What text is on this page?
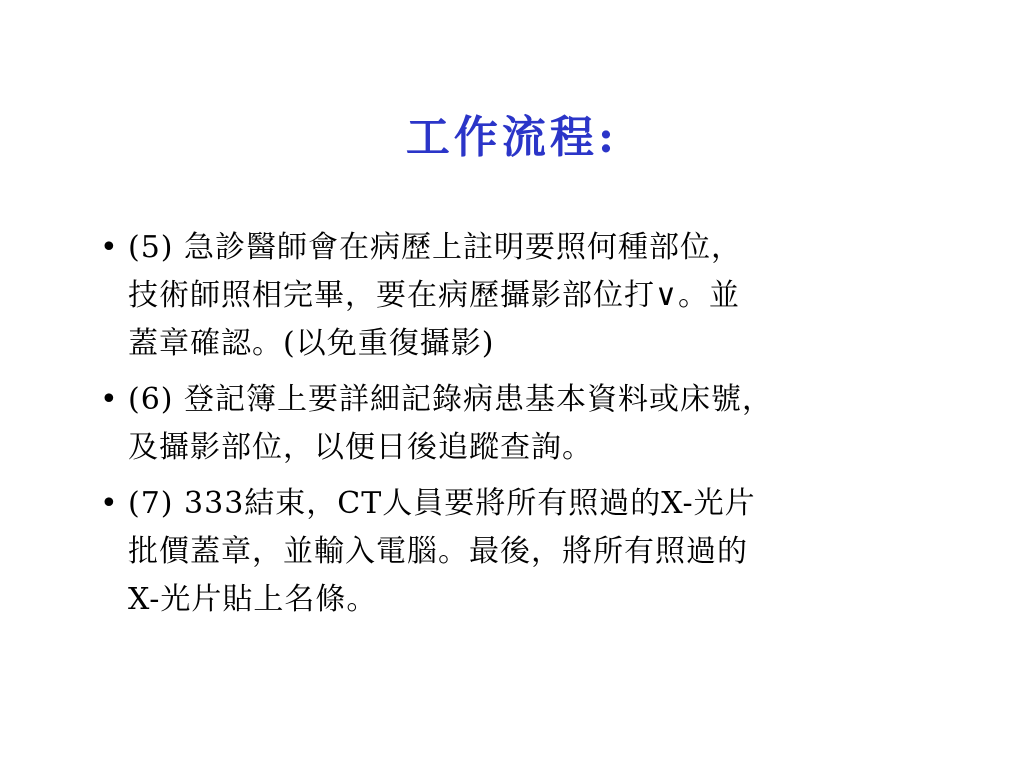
工作流程:
• (5) 急診醫師會在病歷上註明要照何種部位，
技術師照相完畢，要在病歷攝影部位打∨。並
蓋章確認。(以免重復攝影)
• (6) 登記簿上要詳細記錄病患基本資料或床號，
及攝影部位，以便日後追蹤查詢。
• (7) 333結束，CT人員要將所有照過的X-光片
批價蓋章，並輸入電腦。最後，將所有照過的
X-光片貼上名條。
